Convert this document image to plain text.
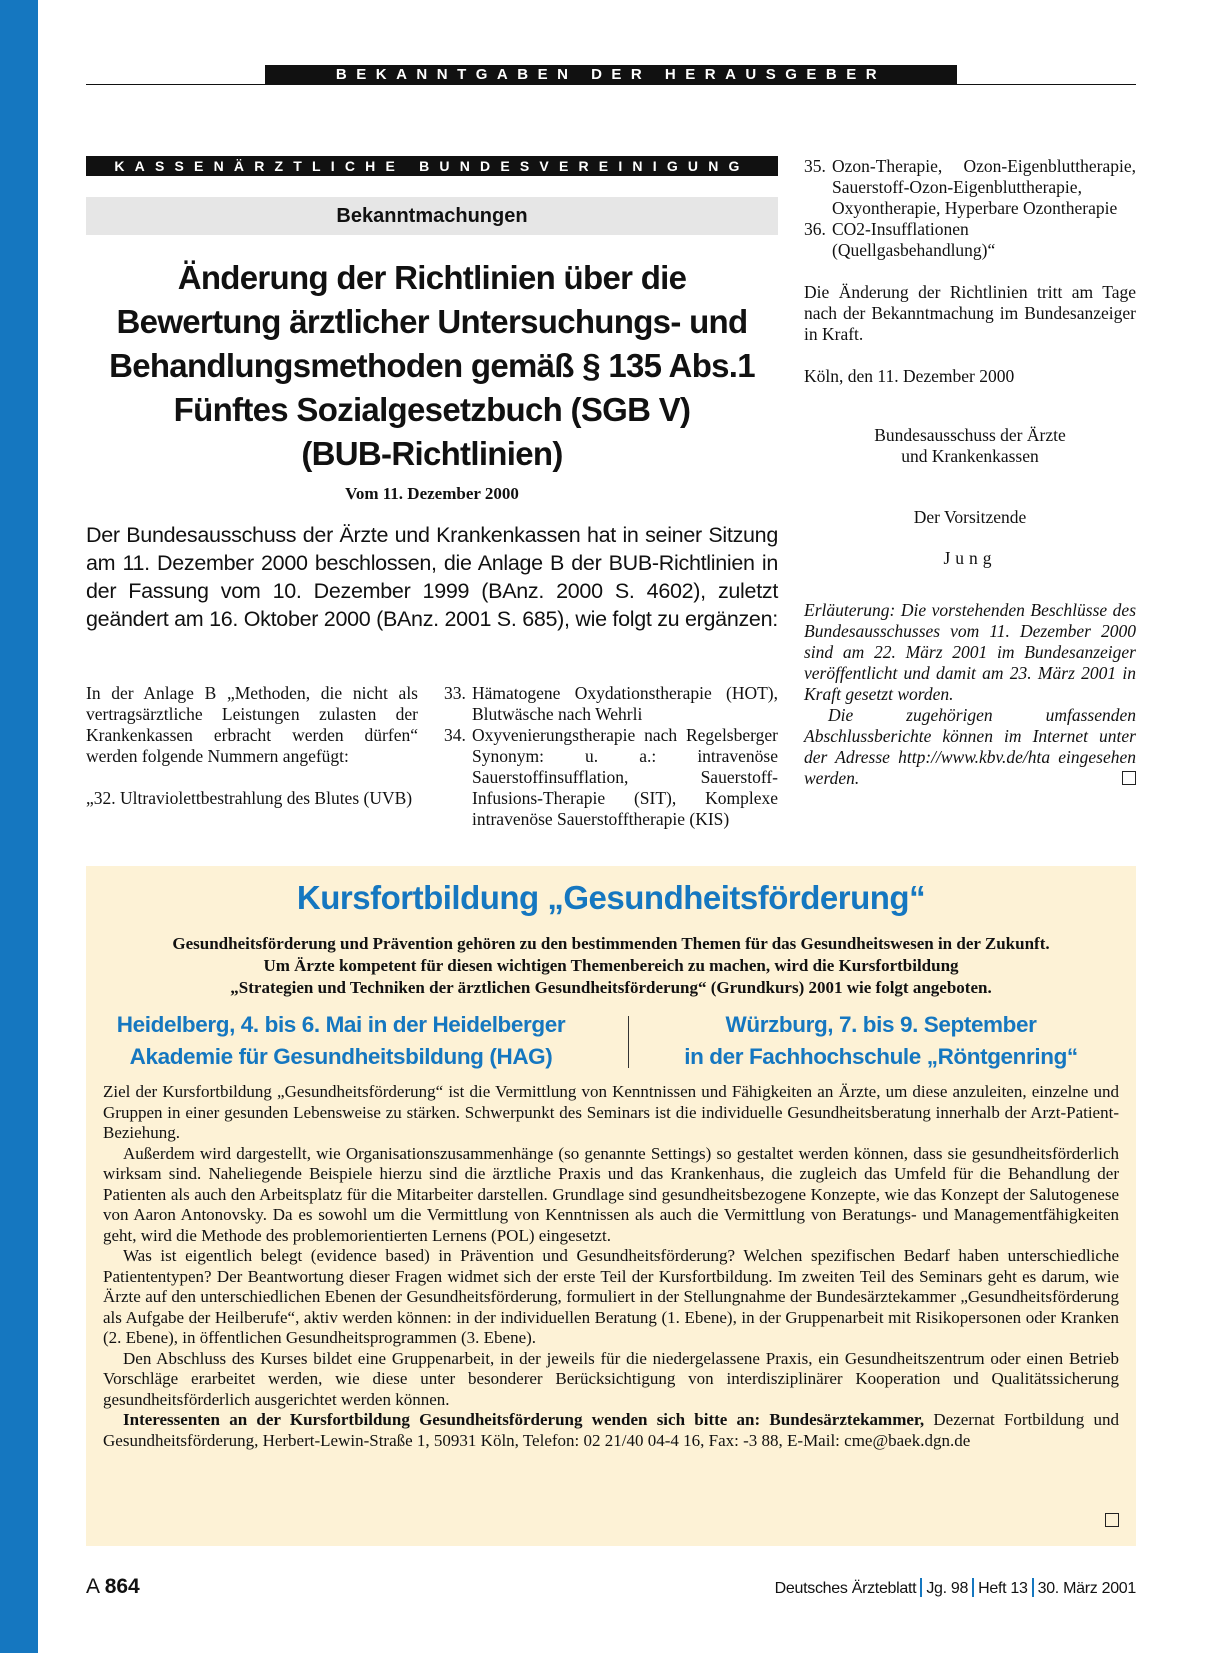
BEKANNTGABEN DER HERAUSGEBER
KASSENÄRZTLICHE BUNDESVEREINIGUNG
Bekanntmachungen
Änderung der Richtlinien über die
Bewertung ärztlicher Untersuchungs- und
Behandlungsmethoden gemäß § 135 Abs.1
Fünftes Sozialgesetzbuch (SGB V)
(BUB-Richtlinien)
Vom 11. Dezember 2000

Der Bundesausschuss der Ärzte und Krankenkassen hat in seiner Sitzung am 11. Dezember 2000 beschlossen, die Anlage B der BUB-Richtlinien in der Fassung vom 10. Dezember 1999 (BAnz. 2000 S. 4602), zuletzt geändert am 16. Oktober 2000 (BAnz. 2001 S. 685), wie folgt zu ergänzen:

In der Anlage B „Methoden, die nicht als vertragsärztliche Leistungen zulasten der Krankenkassen erbracht werden dürfen“ werden folgende Nummern angefügt:

„32. Ultraviolettbestrahlung des Blutes (UVB)
33. Hämatogene Oxydationstherapie (HOT), Blutwäsche nach Wehrli
34. Oxyvenierungstherapie nach Regelsberger Synonym: u. a.: intravenöse Sauerstoffinsufflation, Sauerstoff-Infusions-Therapie (SIT), Komplexe intravenöse Sauerstofftherapie (KIS)
35. Ozon-Therapie, Ozon-Eigenbluttherapie, Sauerstoff-Ozon-Eigenbluttherapie, Oxyontherapie, Hyperbare Ozontherapie
36. CO2-Insufflationen (Quellgasbehandlung)“

Die Änderung der Richtlinien tritt am Tage nach der Bekanntmachung im Bundesanzeiger in Kraft.

Köln, den 11. Dezember 2000

Bundesausschuss der Ärzte
und Krankenkassen

Der Vorsitzende

Jung

Erläuterung: Die vorstehenden Beschlüsse des Bundesausschusses vom 11. Dezember 2000 sind am 22. März 2001 im Bundesanzeiger veröffentlicht und damit am 23. März 2001 in Kraft gesetzt worden.

Die zugehörigen umfassenden Abschlussberichte können im Internet unter der Adresse http://www.kbv.de/hta eingesehen werden.

Kursfortbildung „Gesundheitsförderung“
Gesundheitsförderung und Prävention gehören zu den bestimmenden Themen für das Gesundheitswesen in der Zukunft.
Um Ärzte kompetent für diesen wichtigen Themenbereich zu machen, wird die Kursfortbildung
„Strategien und Techniken der ärztlichen Gesundheitsförderung“ (Grundkurs) 2001 wie folgt angeboten.
Heidelberg, 4. bis 6. Mai in der Heidelberger
Akademie für Gesundheitsbildung (HAG)
Würzburg, 7. bis 9. September
in der Fachhochschule „Röntgenring“

Ziel der Kursfortbildung „Gesundheitsförderung“ ist die Vermittlung von Kenntnissen und Fähigkeiten an Ärzte, um diese anzuleiten, einzelne und Gruppen in einer gesunden Lebensweise zu stärken. Schwerpunkt des Seminars ist die individuelle Gesundheitsberatung innerhalb der Arzt-Patient-Beziehung.

Außerdem wird dargestellt, wie Organisationszusammenhänge (so genannte Settings) so gestaltet werden können, dass sie gesundheitsförderlich wirksam sind. Naheliegende Beispiele hierzu sind die ärztliche Praxis und das Krankenhaus, die zugleich das Umfeld für die Behandlung der Patienten als auch den Arbeitsplatz für die Mitarbeiter darstellen. Grundlage sind gesundheitsbezogene Konzepte, wie das Konzept der Salutogenese von Aaron Antonovsky. Da es sowohl um die Vermittlung von Kenntnissen als auch die Vermittlung von Beratungs- und Managementfähigkeiten geht, wird die Methode des problemorientierten Lernens (POL) eingesetzt.

Was ist eigentlich belegt (evidence based) in Prävention und Gesundheitsförderung? Welchen spezifischen Bedarf haben unterschiedliche Patiententypen? Der Beantwortung dieser Fragen widmet sich der erste Teil der Kursfortbildung. Im zweiten Teil des Seminars geht es darum, wie Ärzte auf den unterschiedlichen Ebenen der Gesundheitsförderung, formuliert in der Stellungnahme der Bundesärztekammer „Gesundheitsförderung als Aufgabe der Heilberufe“, aktiv werden können: in der individuellen Beratung (1. Ebene), in der Gruppenarbeit mit Risikopersonen oder Kranken (2. Ebene), in öffentlichen Gesundheitsprogrammen (3. Ebene).

Den Abschluss des Kurses bildet eine Gruppenarbeit, in der jeweils für die niedergelassene Praxis, ein Gesundheitszentrum oder einen Betrieb Vorschläge erarbeitet werden, wie diese unter besonderer Berücksichtigung von interdisziplinärer Kooperation und Qualitätssicherung gesundheitsförderlich ausgerichtet werden können.

Interessenten an der Kursfortbildung Gesundheitsförderung wenden sich bitte an: Bundesärztekammer, Dezernat Fortbildung und Gesundheitsförderung, Herbert-Lewin-Straße 1, 50931 Köln, Telefon: 02 21/40 04-4 16, Fax: -3 88, E-Mail: cme@baek.dgn.de

A 864	Deutsches Ärzteblatt Jg. 98 Heft 13 30. März 2001
